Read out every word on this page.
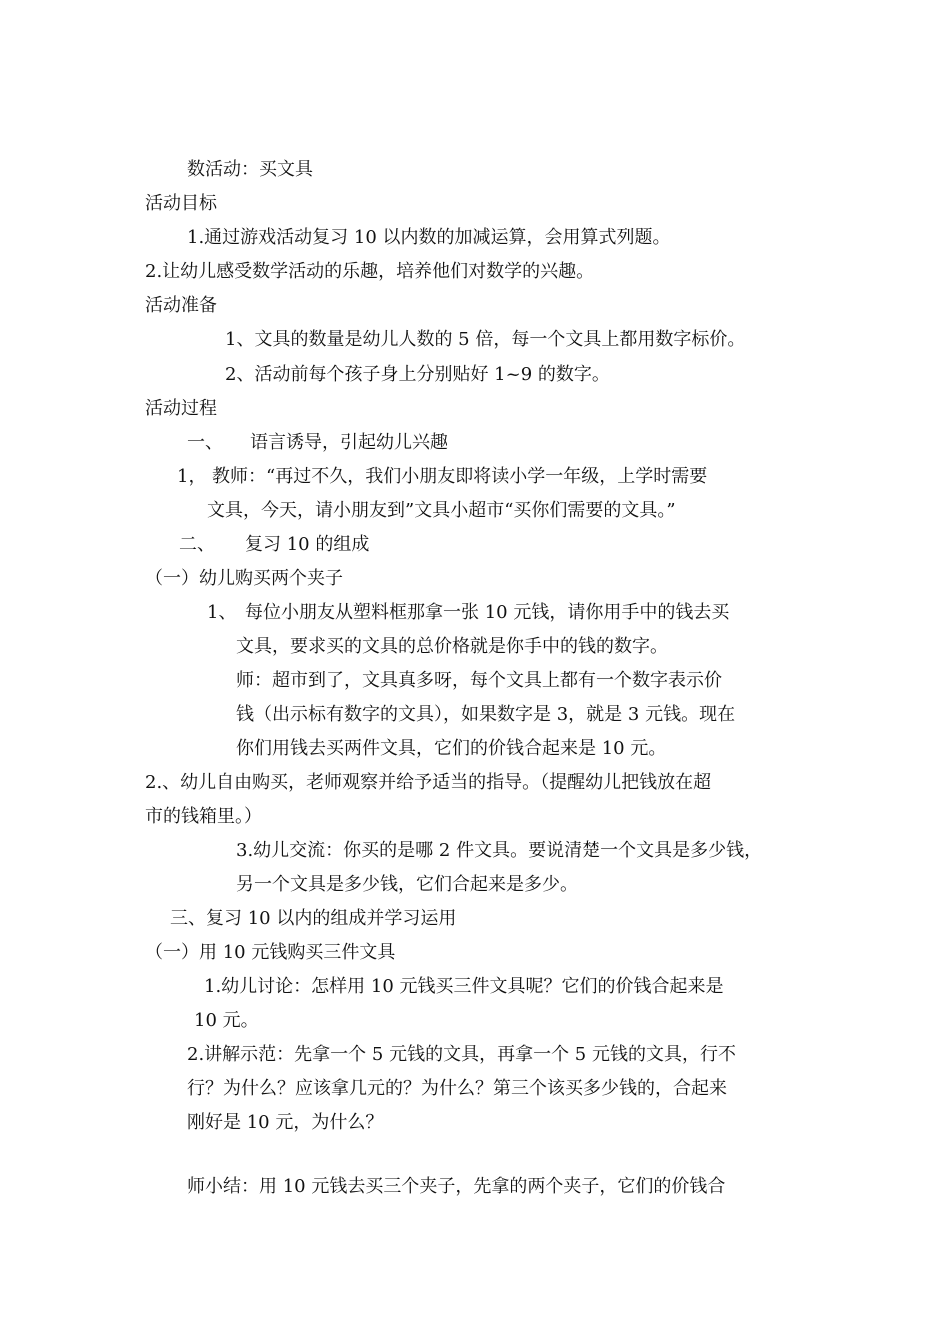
数活动：买文具
活动目标
1.通过游戏活动复习 10 以内数的加减运算，会用算式列题。
2.让幼儿感受数学活动的乐趣，培养他们对数学的兴趣。
活动准备
1、文具的数量是幼儿人数的 5 倍，每一个文具上都用数字标价。
2、活动前每个孩子身上分别贴好 1~9 的数字。
活动过程
一、 语言诱导，引起幼儿兴趣
1， 教师：“再过不久，我们小朋友即将读小学一年级，上学时需要
文具，今天，请小朋友到”文具小超市“买你们需要的文具。”
二、 复习 10 的组成
（一）幼儿购买两个夹子
1、 每位小朋友从塑料框那拿一张 10 元钱，请你用手中的钱去买
文具，要求买的文具的总价格就是你手中的钱的数字。
师：超市到了，文具真多呀，每个文具上都有一个数字表示价
钱（出示标有数字的文具），如果数字是 3，就是 3 元钱。现在
你们用钱去买两件文具，它们的价钱合起来是 10 元。
2.、幼儿自由购买，老师观察并给予适当的指导。（提醒幼儿把钱放在超
市的钱箱里。）
3.幼儿交流：你买的是哪 2 件文具。要说清楚一个文具是多少钱，
另一个文具是多少钱，它们合起来是多少。
三、复习 10 以内的组成并学习运用
（一）用 10 元钱购买三件文具
1.幼儿讨论：怎样用 10 元钱买三件文具呢？它们的价钱合起来是
10 元。
2.讲解示范：先拿一个 5 元钱的文具，再拿一个 5 元钱的文具，行不
行？为什么？应该拿几元的？为什么？第三个该买多少钱的，合起来
刚好是 10 元，为什么？
师小结：用 10 元钱去买三个夹子，先拿的两个夹子，它们的价钱合
